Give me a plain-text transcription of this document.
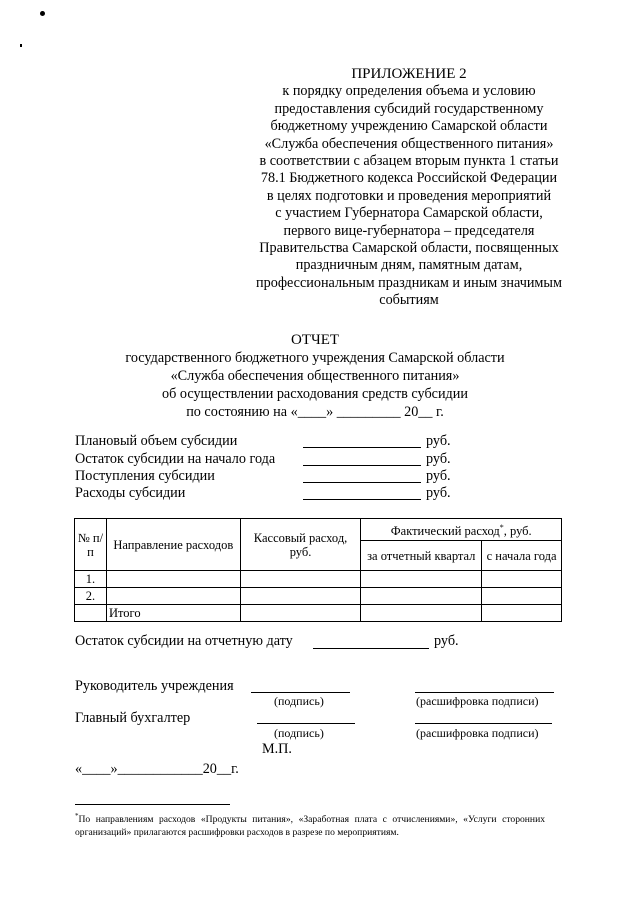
ПРИЛОЖЕНИЕ 2
к порядку определения объема и условию
предоставления субсидий государственному
бюджетному учреждению Самарской области
«Служба обеспечения общественного питания»
в соответствии с абзацем вторым пункта 1 статьи
78.1 Бюджетного кодекса Российской Федерации
в целях подготовки и проведения мероприятий
с участием Губернатора Самарской области,
первого вице-губернатора – председателя
Правительства Самарской области, посвященных
праздничным дням, памятным датам,
профессиональным праздникам и иным значимым
событиям
ОТЧЕТ
государственного бюджетного учреждения Самарской области
«Служба обеспечения общественного питания»
об осуществлении расходования средств субсидии
по состоянию на «____» _________ 20__ г.
Плановый объем субсидии	руб.
Остаток субсидии на начало года	руб.
Поступления субсидии	руб.
Расходы субсидии	руб.
№ п/п	Направление расходов	Кассовый расход, руб.	Фактический расход*, руб.	
			за отчетный квартал	с начала года
1.				
2.				
	Итого			
Остаток субсидии на отчетную дату	руб.
Руководитель учреждения
(подпись)	(расшифровка подписи)
Главный бухгалтер
(подпись)	(расшифровка подписи)
М.П.
«____»____________20__г.
*По направлениям расходов «Продукты питания», «Заработная плата с отчислениями», «Услуги сторонних организаций» прилагаются расшифровки расходов в разрезе по мероприятиям.
